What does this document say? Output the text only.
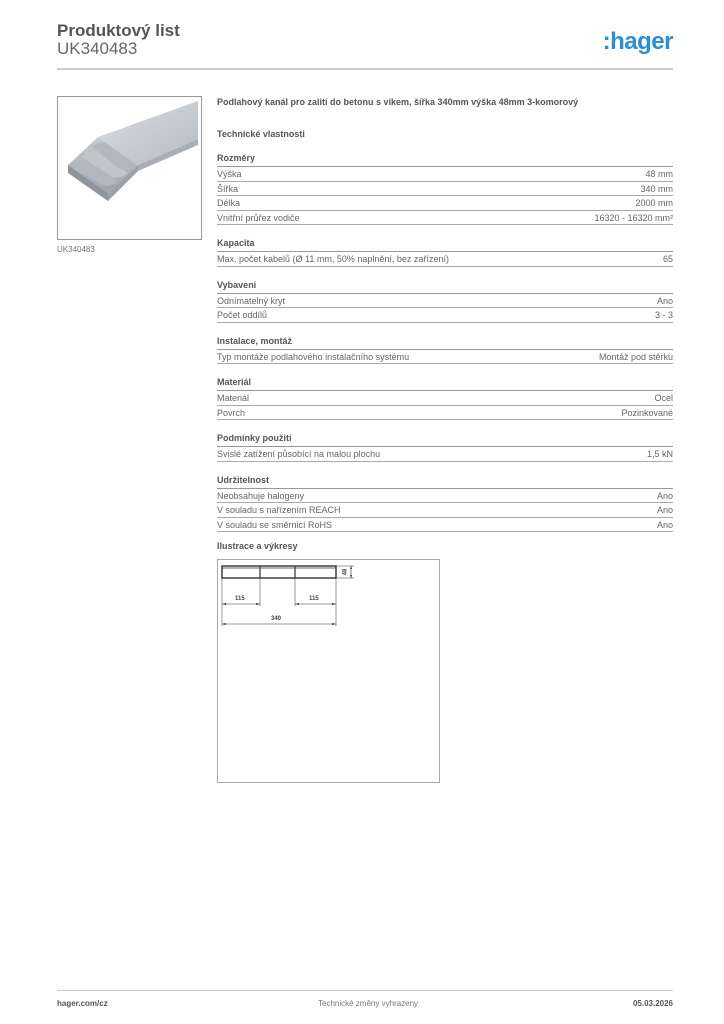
Produktový list
UK340483	:hager
UK340483
Podlahový kanál pro zalití do betonu s víkem, šířka 340mm výška 48mm 3-komorový
Technické vlastnosti
Rozměry
Výška	48 mm
Šířka	340 mm
Délka	2000 mm
Vnitřní průřez vodiče	16320 - 16320 mm²
Kapacita
Max. počet kabelů (Ø 11 mm, 50% naplnění, bez zařízení)	65
Vybavení
Odnímatelný kryt	Ano
Počet oddílů	3 - 3
Instalace, montáž
Typ montáže podlahového instalačního systému	Montáž pod stěrku
Materiál
Materiál	Ocel
Povrch	Pozinkované
Podmínky použití
Svislé zatížení působící na malou plochu	1,5 kN
Udržitelnost
Neobsahuje halogeny	Ano
V souladu s nařízením REACH	Ano
V souladu se směrnicí RoHS	Ano
Ilustrace a výkresy
115	115
340
48
hager.com/cz	Technické změny vyhrazeny	05.03.2026
